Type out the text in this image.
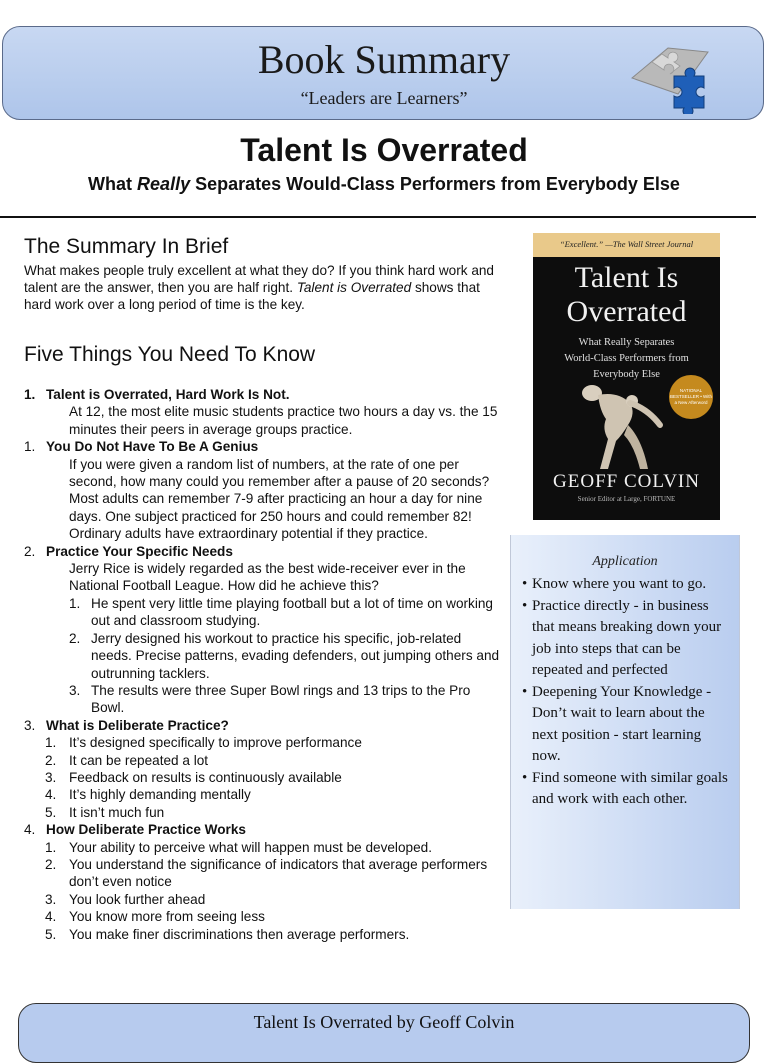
Book Summary
“Leaders are Learners”
Talent Is Overrated
What Really Separates Would-Class Performers from Everybody Else
The Summary In Brief
What makes people truly excellent at what they do? If you think hard work and talent are the answer, then you are half right. Talent is Overrated shows that hard work over a long period of time is the key.
Five Things You Need To Know
1. Talent is Overrated, Hard Work Is Not.
At 12, the most elite music students practice two hours a day vs. the 15 minutes their peers in average groups practice.
1. You Do Not Have To Be A Genius
If you were given a random list of numbers, at the rate of one per second, how many could you remember after a pause of 20 seconds? Most adults can remember 7-9 after practicing an hour a day for nine days. One subject practiced for 250 hours and could remember 82! Ordinary adults have extraordinary potential if they practice.
2. Practice Your Specific Needs
Jerry Rice is widely regarded as the best wide-receiver ever in the National Football League. How did he achieve this?
1. He spent very little time playing football but a lot of time on working out and classroom studying.
2. Jerry designed his workout to practice his specific, job-related needs. Precise patterns, evading defenders, out jumping others and outrunning tacklers.
3. The results were three Super Bowl rings and 13 trips to the Pro Bowl.
3. What is Deliberate Practice?
1. It’s designed specifically to improve performance
2. It can be repeated a lot
3. Feedback on results is continuously available
4. It’s highly demanding mentally
5. It isn’t much fun
4. How Deliberate Practice Works
1. Your ability to perceive what will happen must be developed.
2. You understand the significance of indicators that average performers don’t even notice
3. You look further ahead
4. You know more from seeing less
5. You make finer discriminations then average performers.
“Excellent.” —The Wall Street Journal
Talent Is
Overrated
What Really Separates
World-Class Performers from
Everybody Else
NATIONAL BESTSELLER • With a New Afterword
GEOFF COLVIN
Senior Editor at Large, FORTUNE
Application
• Know where you want to go.
• Practice directly - in business that means breaking down your job into steps that can be repeated and perfected
• Deepening Your Knowledge - Don’t wait to learn about the next position - start learning now.
• Find someone with similar goals and work with each other.
Talent Is Overrated by Geoff Colvin
